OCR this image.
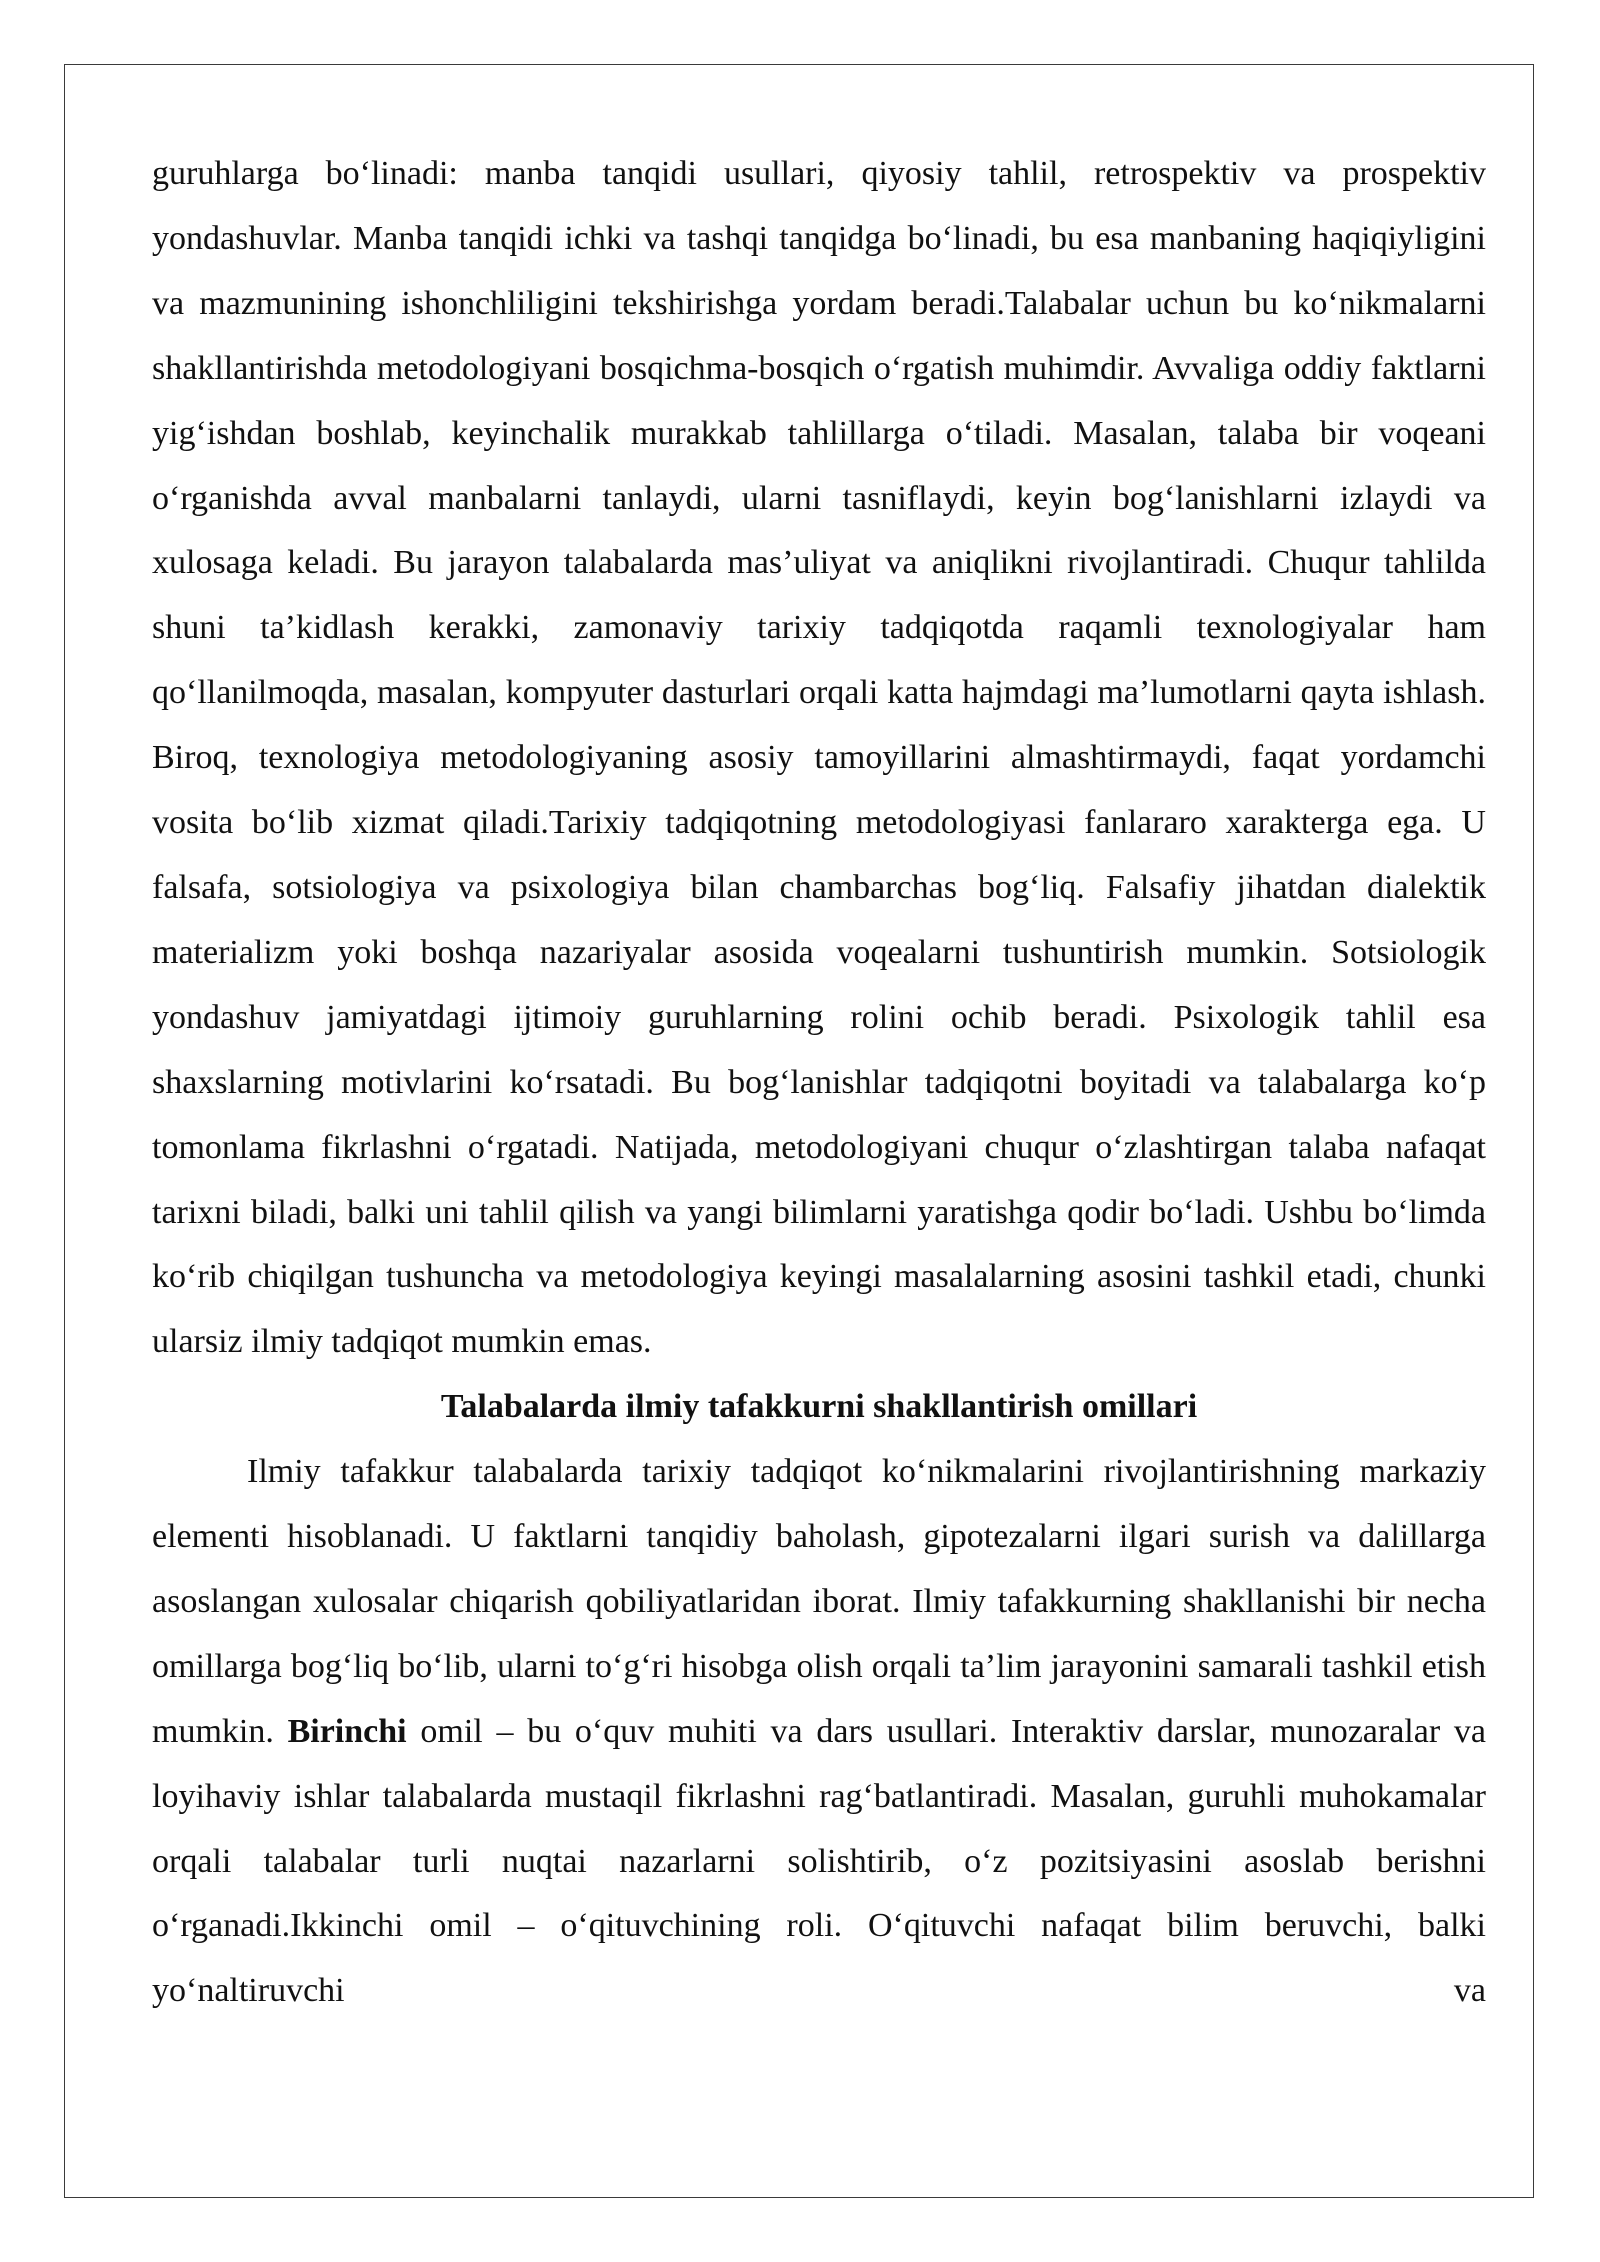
guruhlarga bo‘linadi: manba tanqidi usullari, qiyosiy tahlil, retrospektiv va prospektiv yondashuvlar. Manba tanqidi ichki va tashqi tanqidga bo‘linadi, bu esa manbaning haqiqiyligini va mazmunining ishonchliligini tekshirishga yordam beradi.Talabalar uchun bu ko‘nikmalarni shakllantirishda metodologiyani bosqichma-bosqich o‘rgatish muhimdir. Avvaliga oddiy faktlarni yig‘ishdan boshlab, keyinchalik murakkab tahlillarga o‘tiladi. Masalan, talaba bir voqeani o‘rganishda avval manbalarni tanlaydi, ularni tasniflaydi, keyin bog‘lanishlarni izlaydi va xulosaga keladi. Bu jarayon talabalarda mas’uliyat va aniqlikni rivojlantiradi. Chuqur tahlilda shuni ta’kidlash kerakki, zamonaviy tarixiy tadqiqotda raqamli texnologiyalar ham qo‘llanilmoqda, masalan, kompyuter dasturlari orqali katta hajmdagi ma’lumotlarni qayta ishlash. Biroq, texnologiya metodologiyaning asosiy tamoyillarini almashtirmaydi, faqat yordamchi vosita bo‘lib xizmat qiladi.Tarixiy tadqiqotning metodologiyasi fanlararo xarakterga ega. U falsafa, sotsiologiya va psixologiya bilan chambarchas bog‘liq. Falsafiy jihatdan dialektik materializm yoki boshqa nazariyalar asosida voqealarni tushuntirish mumkin. Sotsiologik yondashuv jamiyatdagi ijtimoiy guruhlarning rolini ochib beradi. Psixologik tahlil esa shaxslarning motivlarini ko‘rsatadi. Bu bog‘lanishlar tadqiqotni boyitadi va talabalarga ko‘p tomonlama fikrlashni o‘rgatadi. Natijada, metodologiyani chuqur o‘zlashtirgan talaba nafaqat tarixni biladi, balki uni tahlil qilish va yangi bilimlarni yaratishga qodir bo‘ladi. Ushbu bo‘limda ko‘rib chiqilgan tushuncha va metodologiya keyingi masalalarning asosini tashkil etadi, chunki ularsiz ilmiy tadqiqot mumkin emas.

Talabalarda ilmiy tafakkurni shakllantirish omillari

Ilmiy tafakkur talabalarda tarixiy tadqiqot ko‘nikmalarini rivojlantirishning markaziy elementi hisoblanadi. U faktlarni tanqidiy baholash, gipotezalarni ilgari surish va dalillarga asoslangan xulosalar chiqarish qobiliyatlaridan iborat. Ilmiy tafakkurning shakllanishi bir necha omillarga bog‘liq bo‘lib, ularni to‘g‘ri hisobga olish orqali ta’lim jarayonini samarali tashkil etish mumkin. Birinchi omil – bu o‘quv muhiti va dars usullari. Interaktiv darslar, munozaralar va loyihaviy ishlar talabalarda mustaqil fikrlashni rag‘batlantiradi. Masalan, guruhli muhokamalar orqali talabalar turli nuqtai nazarlarni solishtirib, o‘z pozitsiyasini asoslab berishni o‘rganadi.Ikkinchi omil – o‘qituvchining roli. O‘qituvchi nafaqat bilim beruvchi, balki yo‘naltiruvchi va
